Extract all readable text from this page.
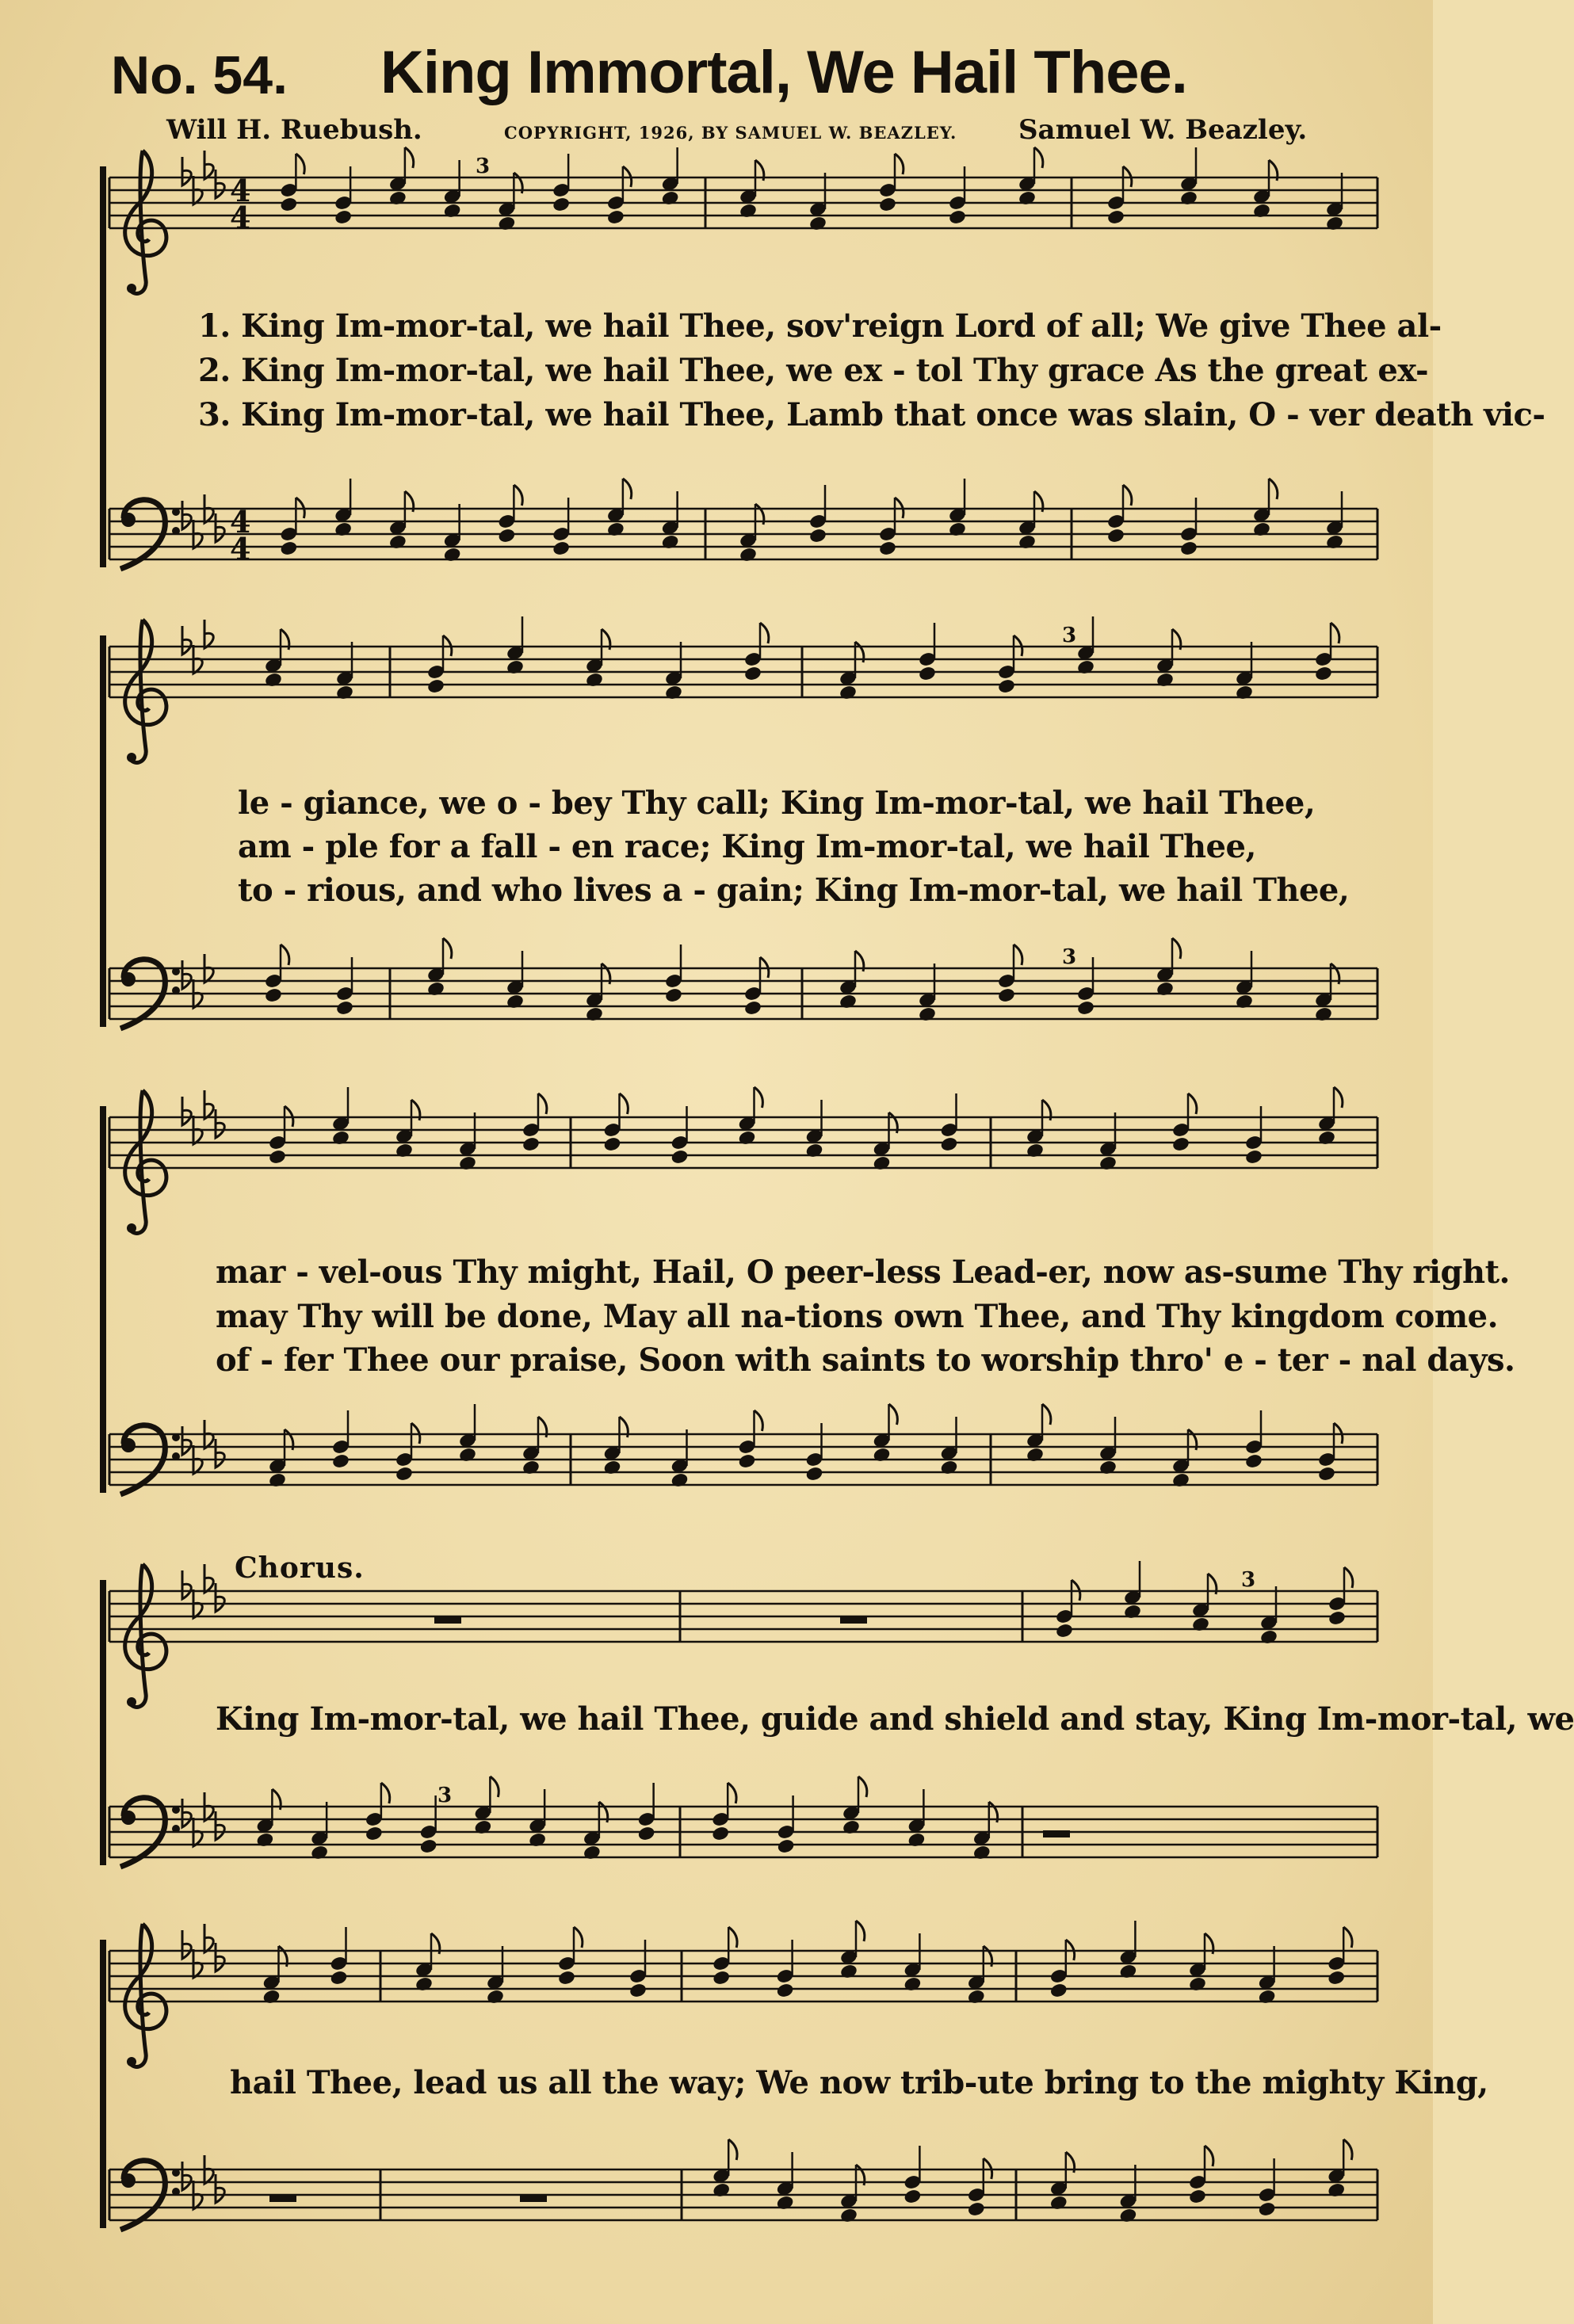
No. 54. King Immortal, We Hail Thee.
Will H. Ruebush.	COPYRIGHT, 1926, BY SAMUEL W. BEAZLEY. Samuel W. Beazley.
4
4
4
4
3
3
3
3
3
1. King Im-mor-tal, we hail Thee, sov'reign Lord of all; We give Thee al-
2. King Im-mor-tal, we hail Thee, we ex - tol Thy grace As the great ex-
3. King Im-mor-tal, we hail Thee, Lamb that once was slain, O - ver death vic-
le - giance, we o - bey Thy call; King Im-mor-tal, we hail Thee,
am - ple for a fall - en race; King Im-mor-tal, we hail Thee,
to - rious, and who lives a - gain; King Im-mor-tal, we hail Thee,
mar - vel-ous Thy might, Hail, O peer-less Lead-er, now as-sume Thy right.
may Thy will be done, May all na-tions own Thee, and Thy kingdom come.
of - fer Thee our praise, Soon with saints to worship thro' e - ter - nal days.
Chorus.
King Im-mor-tal, we hail Thee, guide and shield and stay, King Im-mor-tal, we
hail Thee, lead us all the way; We now trib-ute bring to the mighty King,
